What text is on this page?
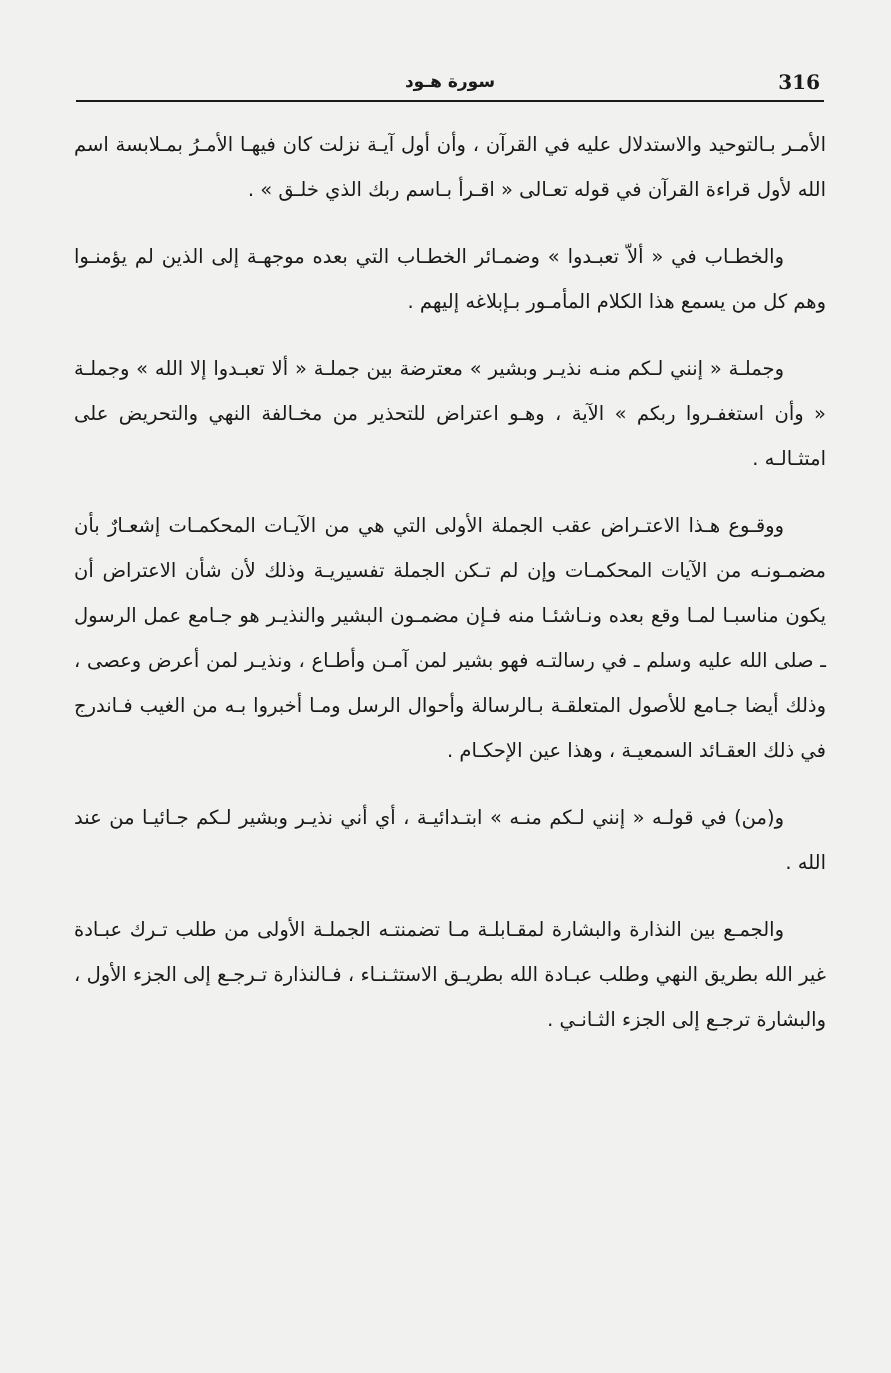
316
سورة هـود

الأمـر بـالتوحيد والاستدلال عليه في القرآن ، وأن أول آيـة نزلت كان فيهـا الأمـرُ بمـلابسة اسم الله لأول قراءة القرآن في قوله تعـالى « اقـرأ بـاسم ربك الذي خلـق » .

والخطـاب في « ألاّ تعبـدوا » وضمـائر الخطـاب التي بعده موجهـة إلى الذين لم يؤمنـوا وهم كل من يسمع هذا الكلام المأمـور بـإبلاغه إليهم .

وجملـة « إنني لـكم منـه نذيـر وبشير » معترضة بين جملـة « ألا تعبـدوا إلا الله » وجملـة « وأن استغفـروا ربكم » الآية ، وهـو اعتراض للتحذير من مخـالفة النهي والتحريض على امتثـالـه .

ووقـوع هـذا الاعتـراض عقب الجملة الأولى التي هي من الآيـات المحكمـات إشعـارٌ بأن مضمـونـه من الآيات المحكمـات وإن لم تـكن الجملة تفسيريـة وذلك لأن شأن الاعتراض أن يكون مناسبـا لمـا وقع بعده ونـاشئـا منه فـإن مضمـون البشير والنذيـر هو جـامع عمل الرسول ـ صلى الله عليه وسلم ـ في رسالتـه فهو بشير لمن آمـن وأطـاع ، ونذيـر لمن أعرض وعصى ، وذلك أيضا جـامع للأصول المتعلقـة بـالرسالة وأحوال الرسل ومـا أخبروا بـه من الغيب فـاندرج في ذلك العقـائد السمعيـة ، وهذا عين الإحكـام .

و(من) في قولـه « إنني لـكم منـه » ابتـدائيـة ، أي أني نذيـر وبشير لـكم جـائيـا من عند الله .

والجمـع بين النذارة والبشارة لمقـابلـة مـا تضمنتـه الجملـة الأولى من طلب تـرك عبـادة غير الله بطريق النهي وطلب عبـادة الله بطريـق الاستثـنـاء ، فـالنذارة تـرجـع إلى الجزء الأول ، والبشارة ترجـع إلى الجزء الثـانـي .
